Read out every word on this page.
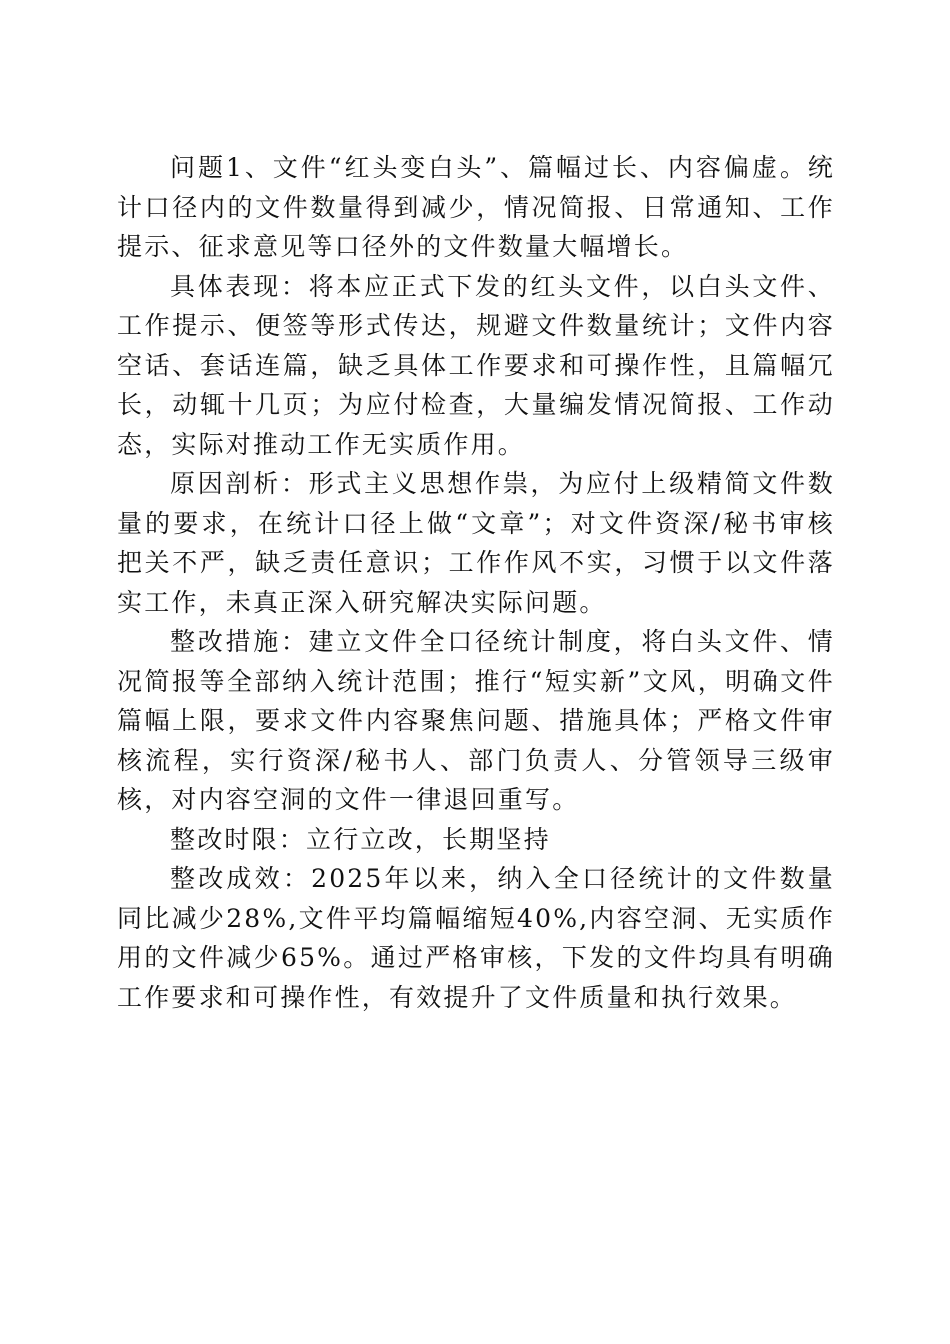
问题1、文件“红头变白头”、篇幅过长、内容偏虚。统计口径内的文件数量得到减少，情况简报、日常通知、工作提示、征求意见等口径外的文件数量大幅增长。

具体表现：将本应正式下发的红头文件，以白头文件、工作提示、便签等形式传达，规避文件数量统计；文件内容空话、套话连篇，缺乏具体工作要求和可操作性，且篇幅冗长，动辄十几页；为应付检查，大量编发情况简报、工作动态，实际对推动工作无实质作用。

原因剖析：形式主义思想作祟，为应付上级精简文件数量的要求，在统计口径上做“文章”；对文件资深/秘书审核把关不严，缺乏责任意识；工作作风不实，习惯于以文件落实工作，未真正深入研究解决实际问题。

整改措施：建立文件全口径统计制度，将白头文件、情况简报等全部纳入统计范围；推行“短实新”文风，明确文件篇幅上限，要求文件内容聚焦问题、措施具体；严格文件审核流程，实行资深/秘书人、部门负责人、分管领导三级审核，对内容空洞的文件一律退回重写。

整改时限：立行立改，长期坚持

整改成效：2025年以来，纳入全口径统计的文件数量同比减少28%,文件平均篇幅缩短40%,内容空洞、无实质作用的文件减少65%。通过严格审核，下发的文件均具有明确工作要求和可操作性，有效提升了文件质量和执行效果。
